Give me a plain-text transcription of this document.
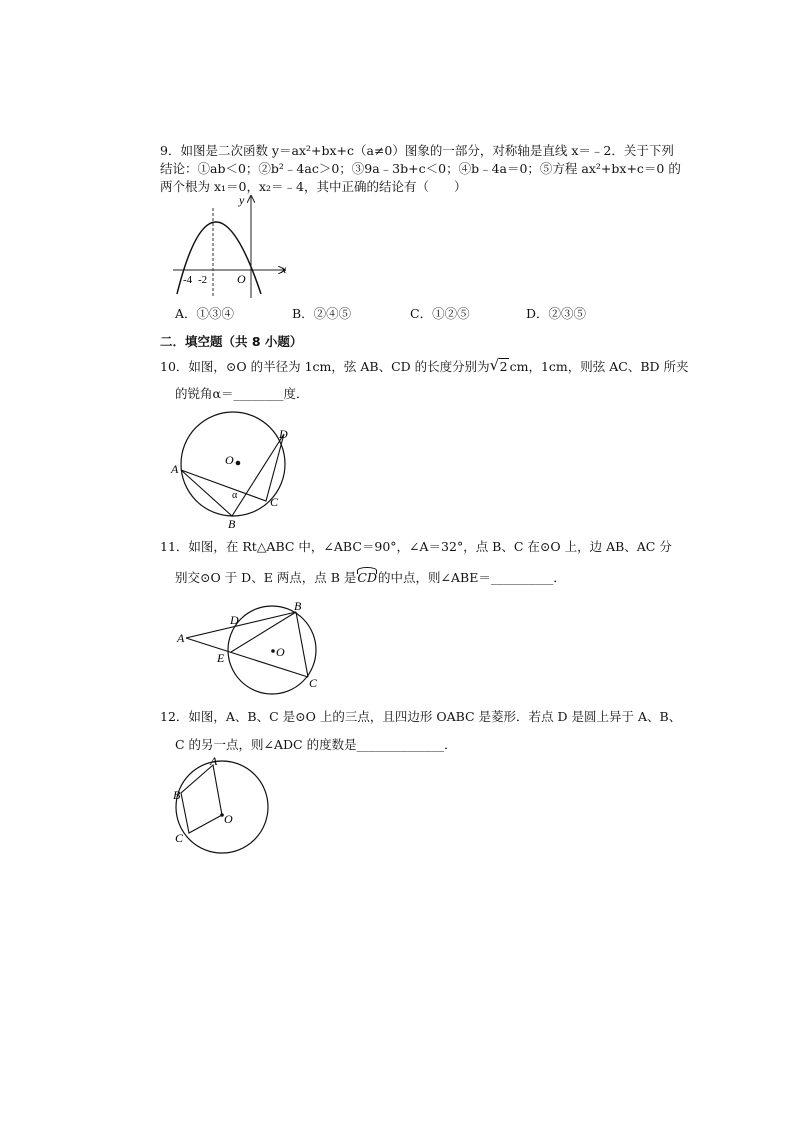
9．如图是二次函数 y＝ax²+bx+c（a≠0）图象的一部分，对称轴是直线 x＝﹣2．关于下列
结论：①ab＜0；②b²﹣4ac＞0；③9a﹣3b+c＜0；④b﹣4a＝0；⑤方程 ax²+bx+c＝0 的
两个根为 x₁＝0，x₂＝﹣4，其中正确的结论有（　　）
y
x
-4 -2 O
A．①③④	B．②④⑤	C．①②⑤	D．②③⑤
二．填空题（共 8 小题）
10．如图，⊙O 的半径为 1cm，弦 AB、CD 的长度分别为 √ 2 cm，1cm，则弦 AC、BD 所夹
的锐角α＝________度．
O
A
B
C
D
α
11．如图，在 Rt△ABC 中，∠ABC＝90°，∠A＝32°，点 B、C 在⊙O 上，边 AB、AC 分
别交⊙O 于 D、E 两点，点 B 是
CD的中点，则∠ABE＝__________．
O
A
B
C
D
E
12．如图，A、B、C 是⊙O 上的三点，且四边形 OABC 是菱形．若点 D 是圆上异于 A、B、
C 的另一点，则∠ADC 的度数是______________．
O
A
B
C
